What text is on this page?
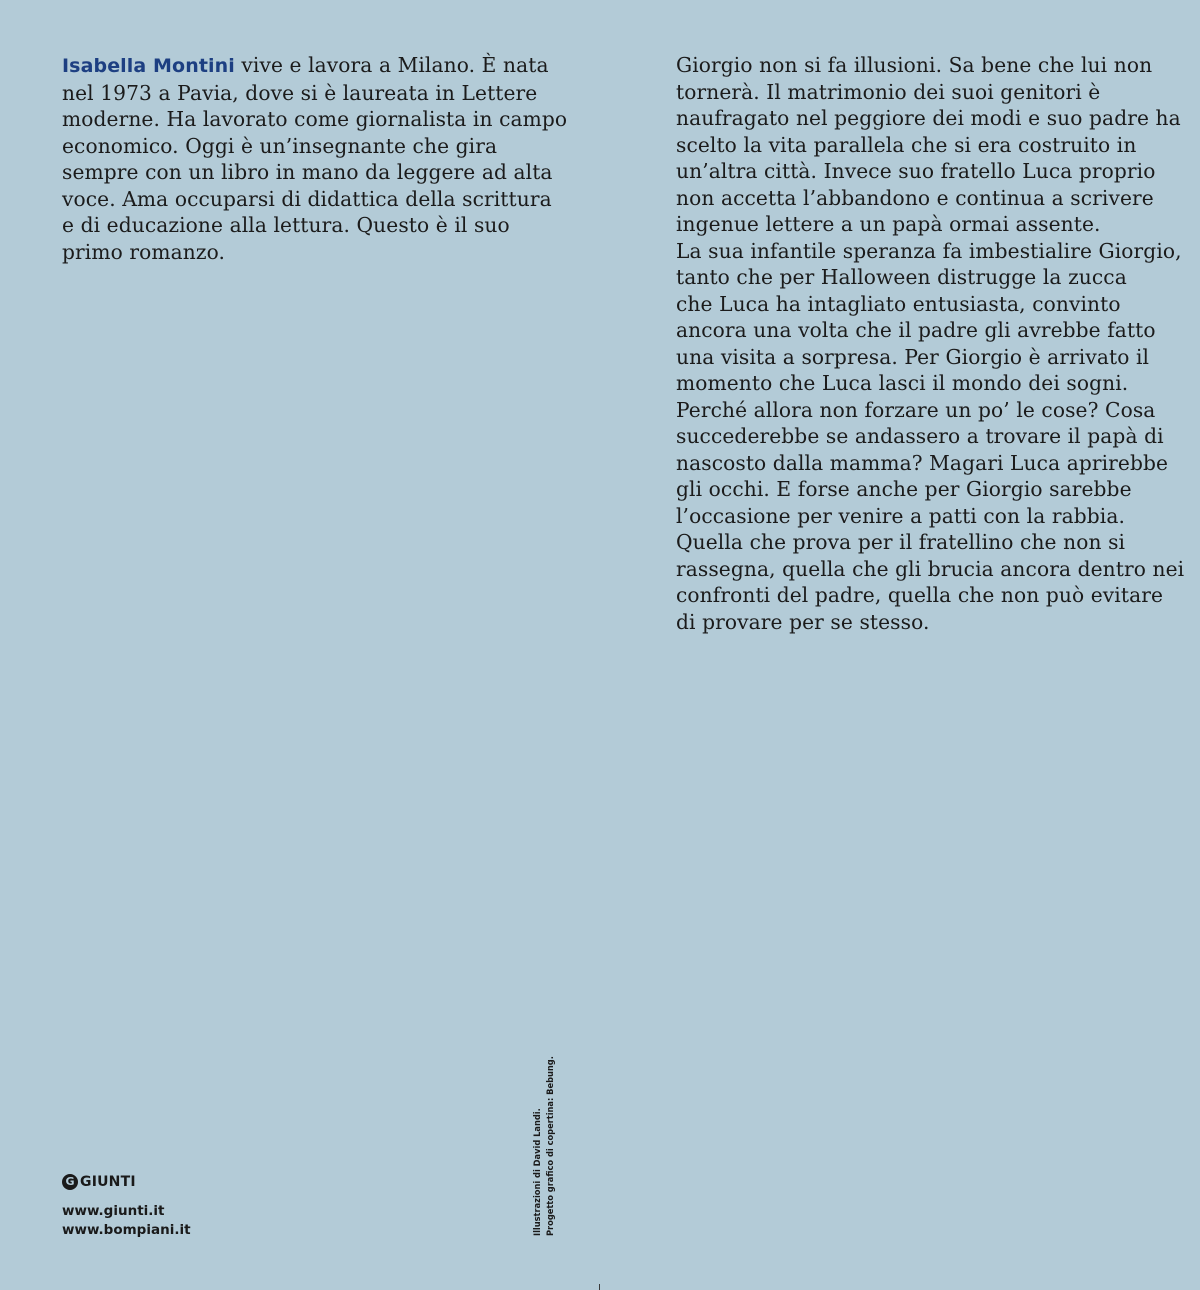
Isabella Montini vive e lavora a Milano. È nata
nel 1973 a Pavia, dove si è laureata in Lettere
moderne. Ha lavorato come giornalista in campo
economico. Oggi è un’insegnante che gira
sempre con un libro in mano da leggere ad alta
voce. Ama occuparsi di didattica della scrittura
e di educazione alla lettura. Questo è il suo
primo romanzo.
Giorgio non si fa illusioni. Sa bene che lui non
tornerà. Il matrimonio dei suoi genitori è
naufragato nel peggiore dei modi e suo padre ha
scelto la vita parallela che si era costruito in
un’altra città. Invece suo fratello Luca proprio
non accetta l’abbandono e continua a scrivere
ingenue lettere a un papà ormai assente.
La sua infantile speranza fa imbestialire Giorgio,
tanto che per Halloween distrugge la zucca
che Luca ha intagliato entusiasta, convinto
ancora una volta che il padre gli avrebbe fatto
una visita a sorpresa. Per Giorgio è arrivato il
momento che Luca lasci il mondo dei sogni.
Perché allora non forzare un po’ le cose? Cosa
succederebbe se andassero a trovare il papà di
nascosto dalla mamma? Magari Luca aprirebbe
gli occhi. E forse anche per Giorgio sarebbe
l’occasione per venire a patti con la rabbia.
Quella che prova per il fratellino che non si
rassegna, quella che gli brucia ancora dentro nei
confronti del padre, quella che non può evitare
di provare per se stesso.
G GIUNTI
www.giunti.it
www.bompiani.it	Illustrazioni di David Landi. Progetto grafico di copertina: Bebung.
